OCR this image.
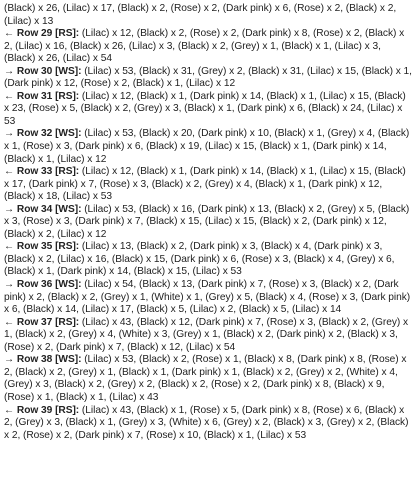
(Black) x 26, (Lilac) x 17, (Black) x 2, (Rose) x 2, (Dark pink) x 6, (Rose) x 2, (Black) x 2, (Lilac) x 13

← Row 29 [RS]: (Lilac) x 12, (Black) x 2, (Rose) x 2, (Dark pink) x 8, (Rose) x 2, (Black) x 2, (Lilac) x 16, (Black) x 26, (Lilac) x 3, (Black) x 2, (Grey) x 1, (Black) x 1, (Lilac) x 3, (Black) x 26, (Lilac) x 54

→ Row 30 [WS]: (Lilac) x 53, (Black) x 31, (Grey) x 2, (Black) x 31, (Lilac) x 15, (Black) x 1, (Dark pink) x 12, (Rose) x 2, (Black) x 1, (Lilac) x 12

← Row 31 [RS]: (Lilac) x 12, (Black) x 1, (Dark pink) x 14, (Black) x 1, (Lilac) x 15, (Black) x 23, (Rose) x 5, (Black) x 2, (Grey) x 3, (Black) x 1, (Dark pink) x 6, (Black) x 24, (Lilac) x 53

→ Row 32 [WS]: (Lilac) x 53, (Black) x 20, (Dark pink) x 10, (Black) x 1, (Grey) x 4, (Black) x 1, (Rose) x 3, (Dark pink) x 6, (Black) x 19, (Lilac) x 15, (Black) x 1, (Dark pink) x 14, (Black) x 1, (Lilac) x 12

← Row 33 [RS]: (Lilac) x 12, (Black) x 1, (Dark pink) x 14, (Black) x 1, (Lilac) x 15, (Black) x 17, (Dark pink) x 7, (Rose) x 3, (Black) x 2, (Grey) x 4, (Black) x 1, (Dark pink) x 12, (Black) x 18, (Lilac) x 53

→ Row 34 [WS]: (Lilac) x 53, (Black) x 16, (Dark pink) x 13, (Black) x 2, (Grey) x 5, (Black) x 3, (Rose) x 3, (Dark pink) x 7, (Black) x 15, (Lilac) x 15, (Black) x 2, (Dark pink) x 12, (Black) x 2, (Lilac) x 12

← Row 35 [RS]: (Lilac) x 13, (Black) x 2, (Dark pink) x 3, (Black) x 4, (Dark pink) x 3, (Black) x 2, (Lilac) x 16, (Black) x 15, (Dark pink) x 6, (Rose) x 3, (Black) x 4, (Grey) x 6, (Black) x 1, (Dark pink) x 14, (Black) x 15, (Lilac) x 53

→ Row 36 [WS]: (Lilac) x 54, (Black) x 13, (Dark pink) x 7, (Rose) x 3, (Black) x 2, (Dark pink) x 2, (Black) x 2, (Grey) x 1, (White) x 1, (Grey) x 5, (Black) x 4, (Rose) x 3, (Dark pink) x 6, (Black) x 14, (Lilac) x 17, (Black) x 5, (Lilac) x 2, (Black) x 5, (Lilac) x 14

← Row 37 [RS]: (Lilac) x 43, (Black) x 12, (Dark pink) x 7, (Rose) x 3, (Black) x 2, (Grey) x 1, (Black) x 2, (Grey) x 4, (White) x 3, (Grey) x 1, (Black) x 2, (Dark pink) x 2, (Black) x 3, (Rose) x 2, (Dark pink) x 7, (Black) x 12, (Lilac) x 54

→ Row 38 [WS]: (Lilac) x 53, (Black) x 2, (Rose) x 1, (Black) x 8, (Dark pink) x 8, (Rose) x 2, (Black) x 2, (Grey) x 1, (Black) x 1, (Dark pink) x 1, (Black) x 2, (Grey) x 2, (White) x 4, (Grey) x 3, (Black) x 2, (Grey) x 2, (Black) x 2, (Rose) x 2, (Dark pink) x 8, (Black) x 9, (Rose) x 1, (Black) x 1, (Lilac) x 43

← Row 39 [RS]: (Lilac) x 43, (Black) x 1, (Rose) x 5, (Dark pink) x 8, (Rose) x 6, (Black) x 2, (Grey) x 3, (Black) x 1, (Grey) x 3, (White) x 6, (Grey) x 2, (Black) x 3, (Grey) x 2, (Black) x 2, (Rose) x 2, (Dark pink) x 7, (Rose) x 10, (Black) x 1, (Lilac) x 53
